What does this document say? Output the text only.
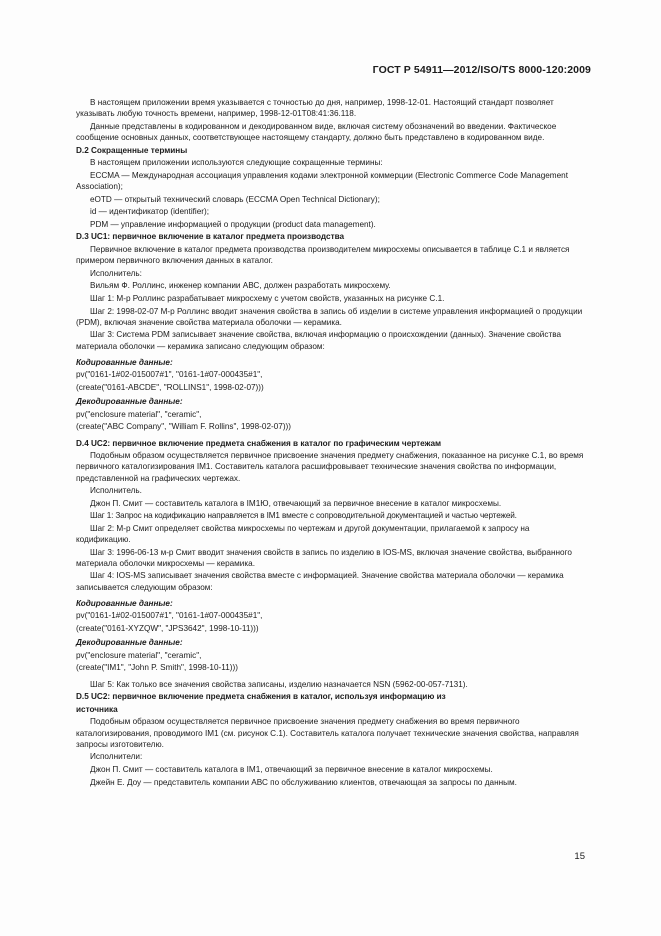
ГОСТ Р 54911—2012/ISO/TS 8000-120:2009

В настоящем приложении время указывается с точностью до дня, например, 1998-12-01. Настоящий стандарт позволяет указывать любую точность времени, например, 1998-12-01T08:41:36.118.

Данные представлены в кодированном и декодированном виде, включая систему обозначений во введении. Фактическое сообщение основных данных, соответствующее настоящему стандарту, должно быть представлено в кодированном виде.

D.2 Сокращенные термины

В настоящем приложении используются следующие сокращенные термины:

ECCMA — Международная ассоциация управления кодами электронной коммерции (Electronic Commerce Code Management Association);

eOTD — открытый технический словарь (ECCMA Open Technical Dictionary);

id — идентификатор (identifier);

PDM — управление информацией о продукции (product data management).

D.3 UC1: первичное включение в каталог предмета производства

Первичное включение в каталог предмета производства производителем микросхемы описывается в таблице С.1 и является примером первичного включения данных в каталог.

Исполнитель:

Вильям Ф. Роллинс, инженер компании АВС, должен разработать микросхему.

Шаг 1: М-р Роллинс разрабатывает микросхему с учетом свойств, указанных на рисунке С.1.

Шаг 2: 1998-02-07 М-р Роллинс вводит значения свойства в запись об изделии в системе управления информацией о продукции (PDM), включая значение свойства материала оболочки — керамика.

Шаг 3: Система PDM записывает значение свойства, включая информацию о происхождении (данных). Значение свойства материала оболочки — керамика записано следующим образом:

Кодированные данные:

pv("0161-1#02-015007#1", "0161-1#07-000435#1",

(create("0161-ABCDE", "ROLLINS1", 1998-02-07)))

Декодированные данные:

pv("enclosure material", "ceramic",

(create("ABC Company", "William F. Rollins", 1998-02-07)))

D.4 UC2: первичное включение предмета снабжения в каталог по графическим чертежам

Подобным образом осуществляется первичное присвоение значения предмету снабжения, показанное на рисунке С.1, во время первичного каталогизирования IM1. Составитель каталога расшифровывает технические значения свойства по информации, представленной на графических чертежах.

Исполнитель.

Джон П. Смит — составитель каталога в IM1Ю, отвечающий за первичное внесение в каталог микросхемы.

Шаг 1: Запрос на кодификацию направляется в IM1 вместе с сопроводительной документацией и частью чертежей.

Шаг 2: М-р Смит определяет свойства микросхемы по чертежам и другой документации, прилагаемой к запросу на кодификацию.

Шаг 3: 1996-06-13 м-р Смит вводит значения свойств в запись по изделию в IOS-MS, включая значение свойства, выбранного материала оболочки микросхемы — керамика.

Шаг 4: IOS-MS записывает значения свойства вместе с информацией. Значение свойства материала оболочки — керамика записывается следующим образом:

Кодированные данные:

pv("0161-1#02-015007#1", "0161-1#07-000435#1",

(create("0161-XYZQW", "JPS3642", 1998-10-11)))

Декодированные данные:

pv("enclosure material", "ceramic",

(create("IM1", "John P. Smith", 1998-10-11)))

Шаг 5: Как только все значения свойства записаны, изделию назначается NSN (5962-00-057-7131).

D.5 UC2: первичное включение предмета снабжения в каталог, используя информацию из

источника

Подобным образом осуществляется первичное присвоение значения предмету снабжения во время первичного каталогизирования, проводимого IM1 (см. рисунок С.1). Составитель каталога получает технические значения свойства, направляя запросы изготовителю.

Исполнители:

Джон П. Смит — составитель каталога в IM1, отвечающий за первичное внесение в каталог микросхемы.

Джейн Е. Доу — представитель компании АВС по обслуживанию клиентов, отвечающая за запросы по данным.

15
